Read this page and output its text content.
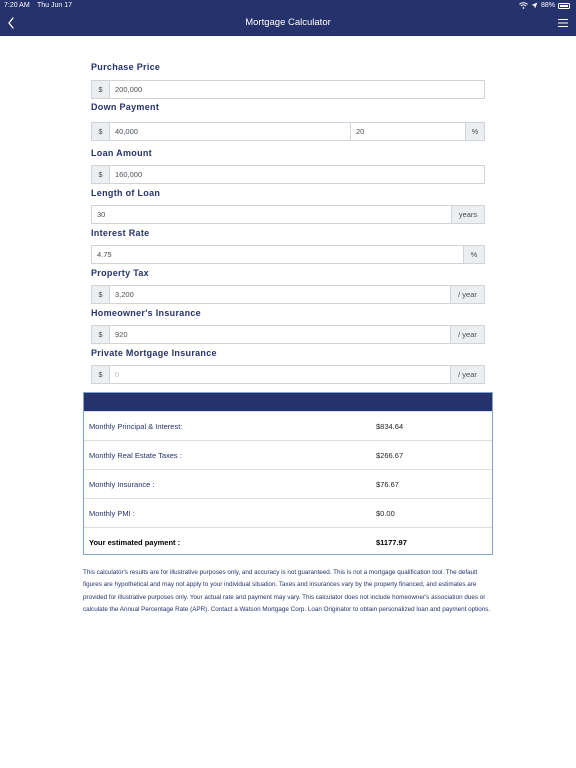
7:20 AM Thu Jun 17	88%
Mortgage Calculator
Purchase Price
$	200,000
Down Payment
$	40,000	20	%
Loan Amount
$	160,000
Length of Loan
30	years
Interest Rate
4.75	%
Property Tax
$	3,200	/ year
Homeowner's Insurance
$	920	/ year
Private Mortgage Insurance
$	0	/ year
Monthly Principal & Interest:	$834.64
Monthly Real Estate Taxes :	$266.67
Monthly Insurance :	$76.67
Monthly PMI :	$0.00
Your estimated payment :	$1177.97

This calculator's results are for illustrative purposes only, and accuracy is not guaranteed. This is not a mortgage qualification tool. The default figures are hypothetical and may not apply to your individual situation. Taxes and insurances vary by the property financed, and estimates are provided for illustrative purposes only. Your actual rate and payment may vary. This calculator does not include homeowner's association dues or calculate the Annual Percentage Rate (APR). Contact a Watson Mortgage Corp. Loan Originator to obtain personalized loan and payment options.
